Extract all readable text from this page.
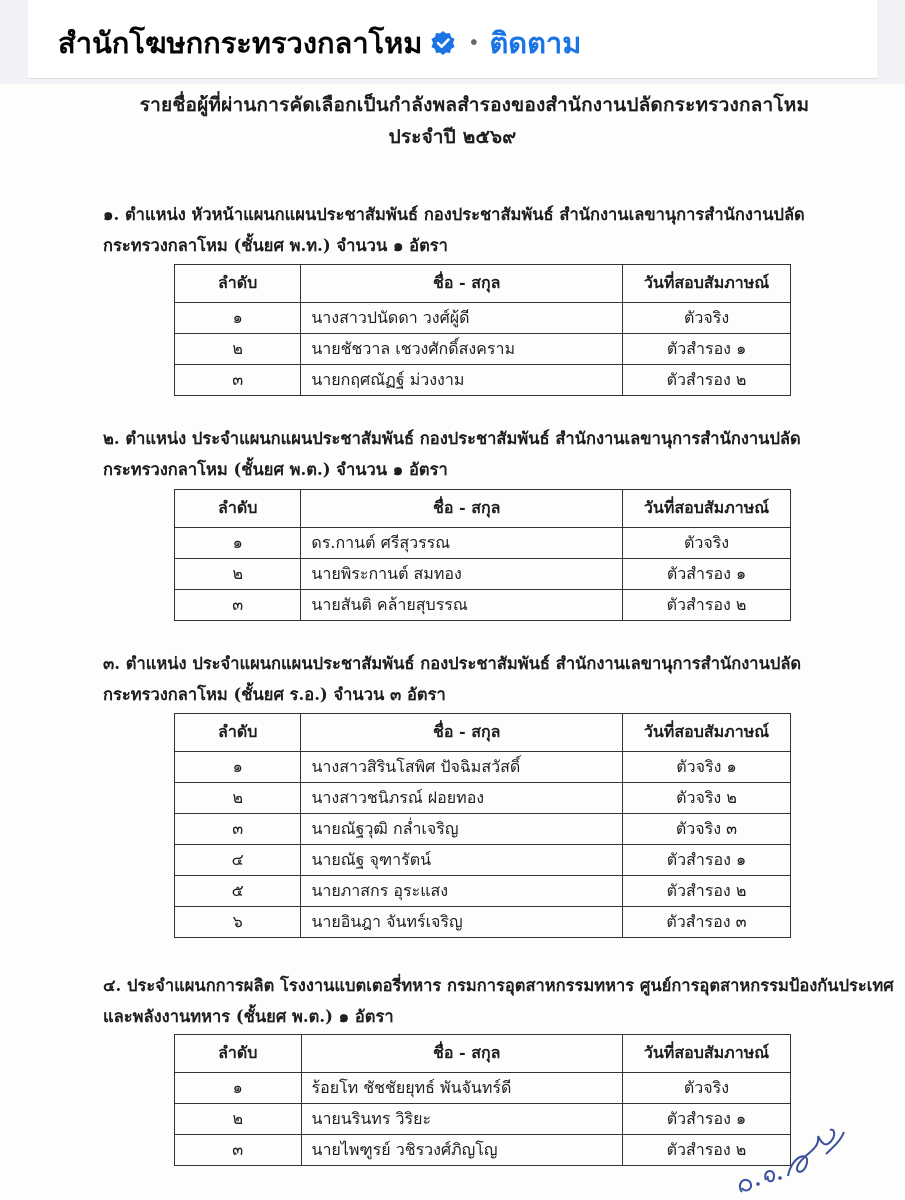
สำนักโฆษกกระทรวงกลาโหม • ติดตาม
รายชื่อผู้ที่ผ่านการคัดเลือกเป็นกำลังพลสำรองของสำนักงานปลัดกระทรวงกลาโหม
ประจำปี ๒๕๖๙
๑. ตำแหน่ง หัวหน้าแผนกแผนประชาสัมพันธ์ กองประชาสัมพันธ์ สำนักงานเลขานุการสำนักงานปลัด
กระทรวงกลาโหม (ชั้นยศ พ.ท.) จำนวน ๑ อัตรา
ลำดับ	ชื่อ - สกุล	วันที่สอบสัมภาษณ์
๑	นางสาวปนัดดา วงศ์ผู้ดี	ตัวจริง
๒	นายชัชวาล เชวงศักดิ์สงคราม	ตัวสำรอง ๑
๓	นายกฤศณัฏฐ์ ม่วงงาม	ตัวสำรอง ๒
๒. ตำแหน่ง ประจำแผนกแผนประชาสัมพันธ์ กองประชาสัมพันธ์ สำนักงานเลขานุการสำนักงานปลัด
กระทรวงกลาโหม (ชั้นยศ พ.ต.) จำนวน ๑ อัตรา
ลำดับ	ชื่อ - สกุล	วันที่สอบสัมภาษณ์
๑	ดร.กานต์ ศรีสุวรรณ	ตัวจริง
๒	นายพิระกานต์ สมทอง	ตัวสำรอง ๑
๓	นายสันติ คล้ายสุบรรณ	ตัวสำรอง ๒
๓. ตำแหน่ง ประจำแผนกแผนประชาสัมพันธ์ กองประชาสัมพันธ์ สำนักงานเลขานุการสำนักงานปลัด
กระทรวงกลาโหม (ชั้นยศ ร.อ.) จำนวน ๓ อัตรา
ลำดับ	ชื่อ - สกุล	วันที่สอบสัมภาษณ์
๑	นางสาวสิรินโสพิศ ปัจฉิมสวัสดิ์	ตัวจริง ๑
๒	นางสาวชนิภรณ์ ฝอยทอง	ตัวจริง ๒
๓	นายณัฐวุฒิ กล่ำเจริญ	ตัวจริง ๓
๔	นายณัฐ จุฑารัตน์	ตัวสำรอง ๑
๕	นายภาสกร อุระแสง	ตัวสำรอง ๒
๖	นายอินฎา จันทร์เจริญ	ตัวสำรอง ๓
๔. ประจำแผนกการผลิต โรงงานแบตเตอรี่ทหาร กรมการอุตสาหกรรมทหาร ศูนย์การอุตสาหกรรมป้องกันประเทศ
และพลังงานทหาร (ชั้นยศ พ.ต.) ๑ อัตรา
ลำดับ	ชื่อ - สกุล	วันที่สอบสัมภาษณ์
๑	ร้อยโท ชัชชัยยุทธ์ พันจันทร์ดี	ตัวจริง
๒	นายนรินทร วิริยะ	ตัวสำรอง ๑
๓	นายไพฑูรย์ วชิรวงศ์ภิญโญ	ตัวสำรอง ๒
